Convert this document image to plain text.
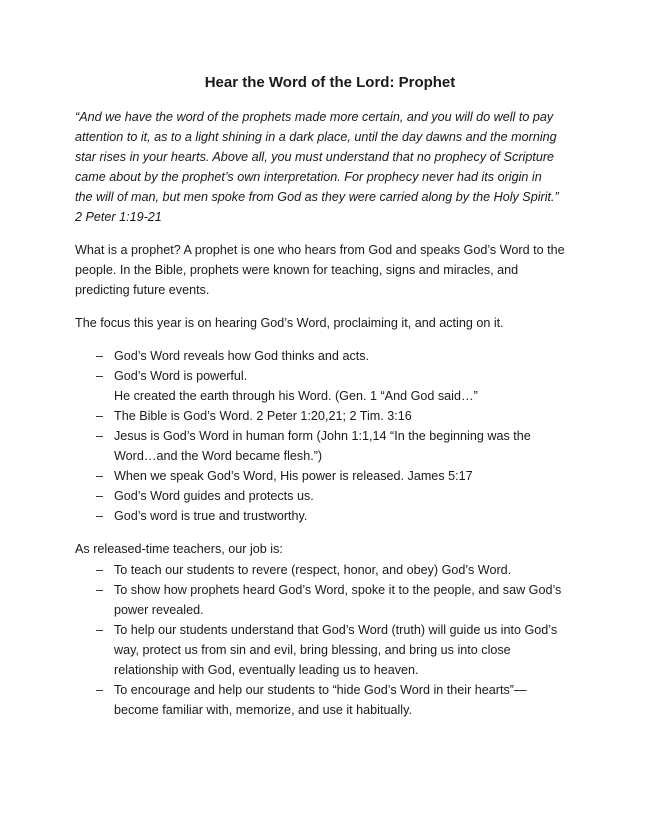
Hear the Word of the Lord: Prophet
“And we have the word of the prophets made more certain, and you will do well to pay
attention to it, as to a light shining in a dark place, until the day dawns and the morning
star rises in your hearts. Above all, you must understand that no prophecy of Scripture
came about by the prophet’s own interpretation. For prophecy never had its origin in
the will of man, but men spoke from God as they were carried along by the Holy Spirit.”
2 Peter 1:19-21
What is a prophet? A prophet is one who hears from God and speaks God’s Word to the
people. In the Bible, prophets were known for teaching, signs and miracles, and
predicting future events.
The focus this year is on hearing God’s Word, proclaiming it, and acting on it.
– God’s Word reveals how God thinks and acts.
– God’s Word is powerful.
He created the earth through his Word. (Gen. 1 “And God said…”
– The Bible is God’s Word. 2 Peter 1:20,21; 2 Tim. 3:16
– Jesus is God’s Word in human form (John 1:1,14 “In the beginning was the
Word…and the Word became flesh.”)
– When we speak God’s Word, His power is released. James 5:17
– God’s Word guides and protects us.
– God’s word is true and trustworthy.
As released-time teachers, our job is:
– To teach our students to revere (respect, honor, and obey) God’s Word.
– To show how prophets heard God’s Word, spoke it to the people, and saw God’s
power revealed.
– To help our students understand that God’s Word (truth) will guide us into God’s
way, protect us from sin and evil, bring blessing, and bring us into close
relationship with God, eventually leading us to heaven.
– To encourage and help our students to “hide God’s Word in their hearts”—
become familiar with, memorize, and use it habitually.
